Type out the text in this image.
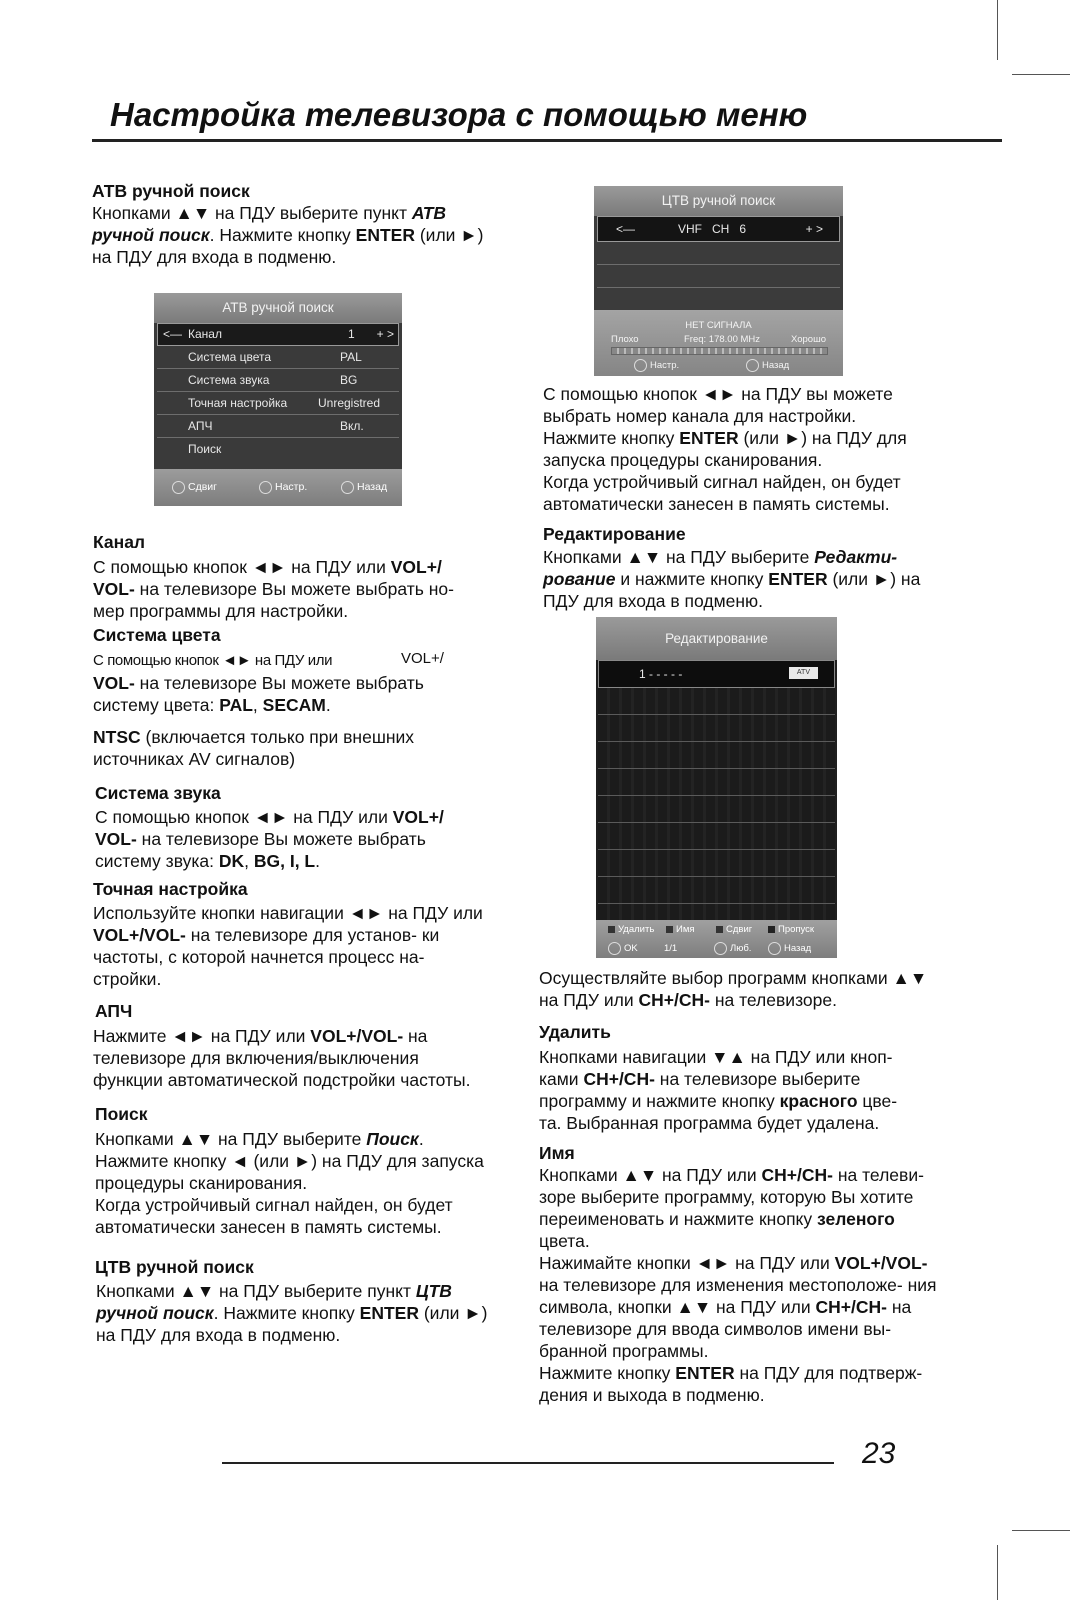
Настройка телевизора с помощью меню
АТВ ручной поиск

Кнопками ▲▼ на ПДУ выберите пункт АТВ ручной поиск. Нажмите кнопку ENTER (или ►) на ПДУ для входа в подменю.

АТВ ручной поиск
<— Канал	1 + >
Система цвета	PAL
Система звука	BG
Точная настройка	Unregistred
АПЧ	Вкл.
Поиск
Сдвиг	Настр.	Назад
Канал

С помощью кнопок ◄► на ПДУ или VOL+/ VOL- на телевизоре Вы можете выбрать но- мер программы для настройки.

Система цвета

С помощью кнопок ◄► на ПДУ или	VOL+/

VOL- на телевизоре Вы можете выбрать систему цвета: PAL, SECAM.

NTSC (включается только при внешних источниках AV сигналов)

Система звука

С помощью кнопок ◄► на ПДУ или VOL+/ VOL- на телевизоре Вы можете выбрать систему звука: DK, BG, I, L.

Точная настройка

Используйте кнопки навигации ◄► на ПДУ или VOL+/VOL- на телевизоре для установ- ки частоты, с которой начнется процесс на- стройки.

АПЧ

Нажмите ◄► на ПДУ или VOL+/VOL- на телевизоре для включения/выключения функции автоматической подстройки частоты.

Поиск

Кнопками ▲▼ на ПДУ выберите Поиск. Нажмите кнопку ◄ (или ►) на ПДУ для запуска процедуры сканирования.
Когда устройчивый сигнал найден, он будет автоматически занесен в память системы.

ЦТВ ручной поиск

Кнопками ▲▼ на ПДУ выберите пункт ЦТВ ручной поиск. Нажмите кнопку ENTER (или ►) на ПДУ для входа в подменю.

ЦТВ ручной поиск
<—	VHF   CH   6	+ >
НЕТ СИГНАЛА
Плохо	Freq: 178.00 MHz	Хорошо
Настр.	Назад

С помощью кнопок ◄► на ПДУ вы можете выбрать номер канала для настройки.

Нажмите кнопку ENTER (или ►) на ПДУ для запуска процедуры сканирования.

Когда устройчивый сигнал найден, он будет автоматически занесен в память системы.

Редактирование

Кнопками ▲▼ на ПДУ выберите Редакти- рование и нажмите кнопку ENTER (или ►) на ПДУ для входа в подменю.

Редактирование
1 - - - - -	ATV
Удалить	Имя	Сдвиг	Пропуск
OK	1/1	Люб.	Назад

Осуществляйте выбор программ кнопками ▲▼ на ПДУ или CH+/CH- на телевизоре.

Удалить

Кнопками навигации ▼▲ на ПДУ или кноп- ками CH+/CH- на телевизоре выберите программу и нажмите кнопку красного цве- та. Выбранная программа будет удалена.

Имя

Кнопками ▲▼ на ПДУ или CH+/CH- на телеви- зоре выберите программу, которую Вы хотите переименовать и нажмите кнопку зеленого цвета.

Нажимайте кнопки ◄► на ПДУ или VOL+/VOL- на телевизоре для изменения местоположе- ния символа, кнопки ▲▼ на ПДУ или CH+/CH- на телевизоре для ввода символов имени вы- бранной программы.

Нажмите кнопку ENTER на ПДУ для подтверж- дения и выхода в подменю.

23
